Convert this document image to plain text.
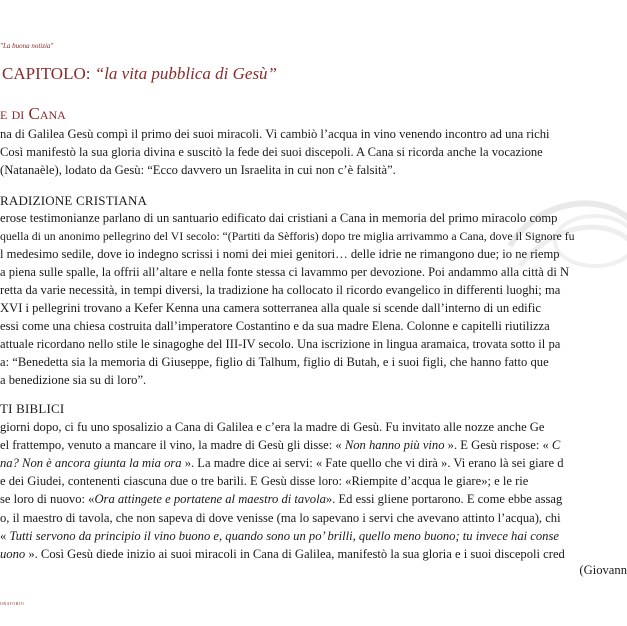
"La buona notizia"
CAPITOLO: “la vita pubblica di Gesù”
e di Cana
na di Galilea Gesù compì il primo dei suoi miracoli. Vi cambiò l’acqua in vino venendo incontro ad una richi
Così manifestò la sua gloria divina e suscitò la fede dei suoi discepoli. A Cana si ricorda anche la vocazione
(Natanaèle), lodato da Gesù: “Ecco davvero un Israelita in cui non c’è falsità”.
RADIZIONE CRISTIANA
erose testimonianze parlano di un santuario edificato dai cristiani a Cana in memoria del primo miracolo comp
quella di un anonimo pellegrino del VI secolo: “(Partiti da Sèfforis) dopo tre miglia arrivammo a Cana, dove il Signore fu
l medesimo sedile, dove io indegno scrissi i nomi dei miei genitori… delle idrie ne rimangono due; io ne riemp
a piena sulle spalle, la offrii all’altare e nella fonte stessa ci lavammo per devozione. Poi andammo alla città di N
retta da varie necessità, in tempi diversi, la tradizione ha collocato il ricordo evangelico in differenti luoghi; ma
XVI i pellegrini trovano a Kefer Kenna una camera sotterranea alla quale si scende dall’interno di un edific
essi come una chiesa costruita dall’imperatore Costantino e da sua madre Elena. Colonne e capitelli riutilizza
attuale ricordano nello stile le sinagoghe del III-IV secolo. Una iscrizione in lingua aramaica, trovata sotto il pa
a: “Benedetta sia la memoria di Giuseppe, figlio di Talhum, figlio di Butah, e i suoi figli, che hanno fatto que
a benedizione sia su di loro”.
TI BIBLICI
giorni dopo, ci fu uno sposalizio a Cana di Galilea e c’era la madre di Gesù. Fu invitato alle nozze anche Ge
el frattempo, venuto a mancare il vino, la madre di Gesù gli disse: « Non hanno più vino ». E Gesù rispose: « C
na? Non è ancora giunta la mia ora ». La madre dice ai servi: « Fate quello che vi dirà ». Vi erano là sei giare d
e dei Giudei, contenenti ciascuna due o tre barili. E Gesù disse loro: «Riempite d’acqua le giare»; e le rie
se loro di nuovo: «Ora attingete e portatene al maestro di tavola». Ed essi gliene portarono. E come ebbe assag
o, il maestro di tavola, che non sapeva di dove venisse (ma lo sapevano i servi che avevano attinto l’acqua), chi
« Tutti servono da principio il vino buono e, quando sono un po’ brilli, quello meno buono; tu invece hai conse
uono ». Così Gesù diede inizio ai suoi miracoli in Cana di Galilea, manifestò la sua gloria e i suoi discepoli cred
(Giovann
ORATORIO
